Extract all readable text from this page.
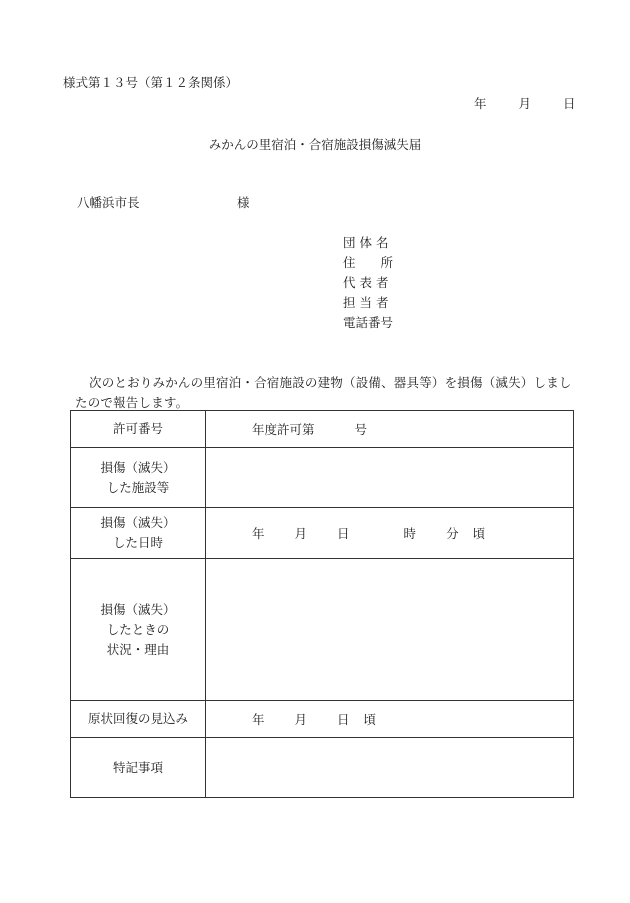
様式第１３号（第１２条関係）
年	月	日
みかんの里宿泊・合宿施設損傷滅失届
八幡浜市長	様
団 体 名
住　　所
代 表 者
担 当 者
電話番号
次のとおりみかんの里宿泊・合宿施設の建物（設備、器具等）を損傷（滅失）しましたので報告します。
許可番号	年度許可第 号

損傷（滅失）
した施設等	

損傷（滅失）
した日時	年 月 日 時 分 頃

損傷（滅失）
したときの
状況・理由	

原状回復の見込み	年 月 日 頃

特記事項	
